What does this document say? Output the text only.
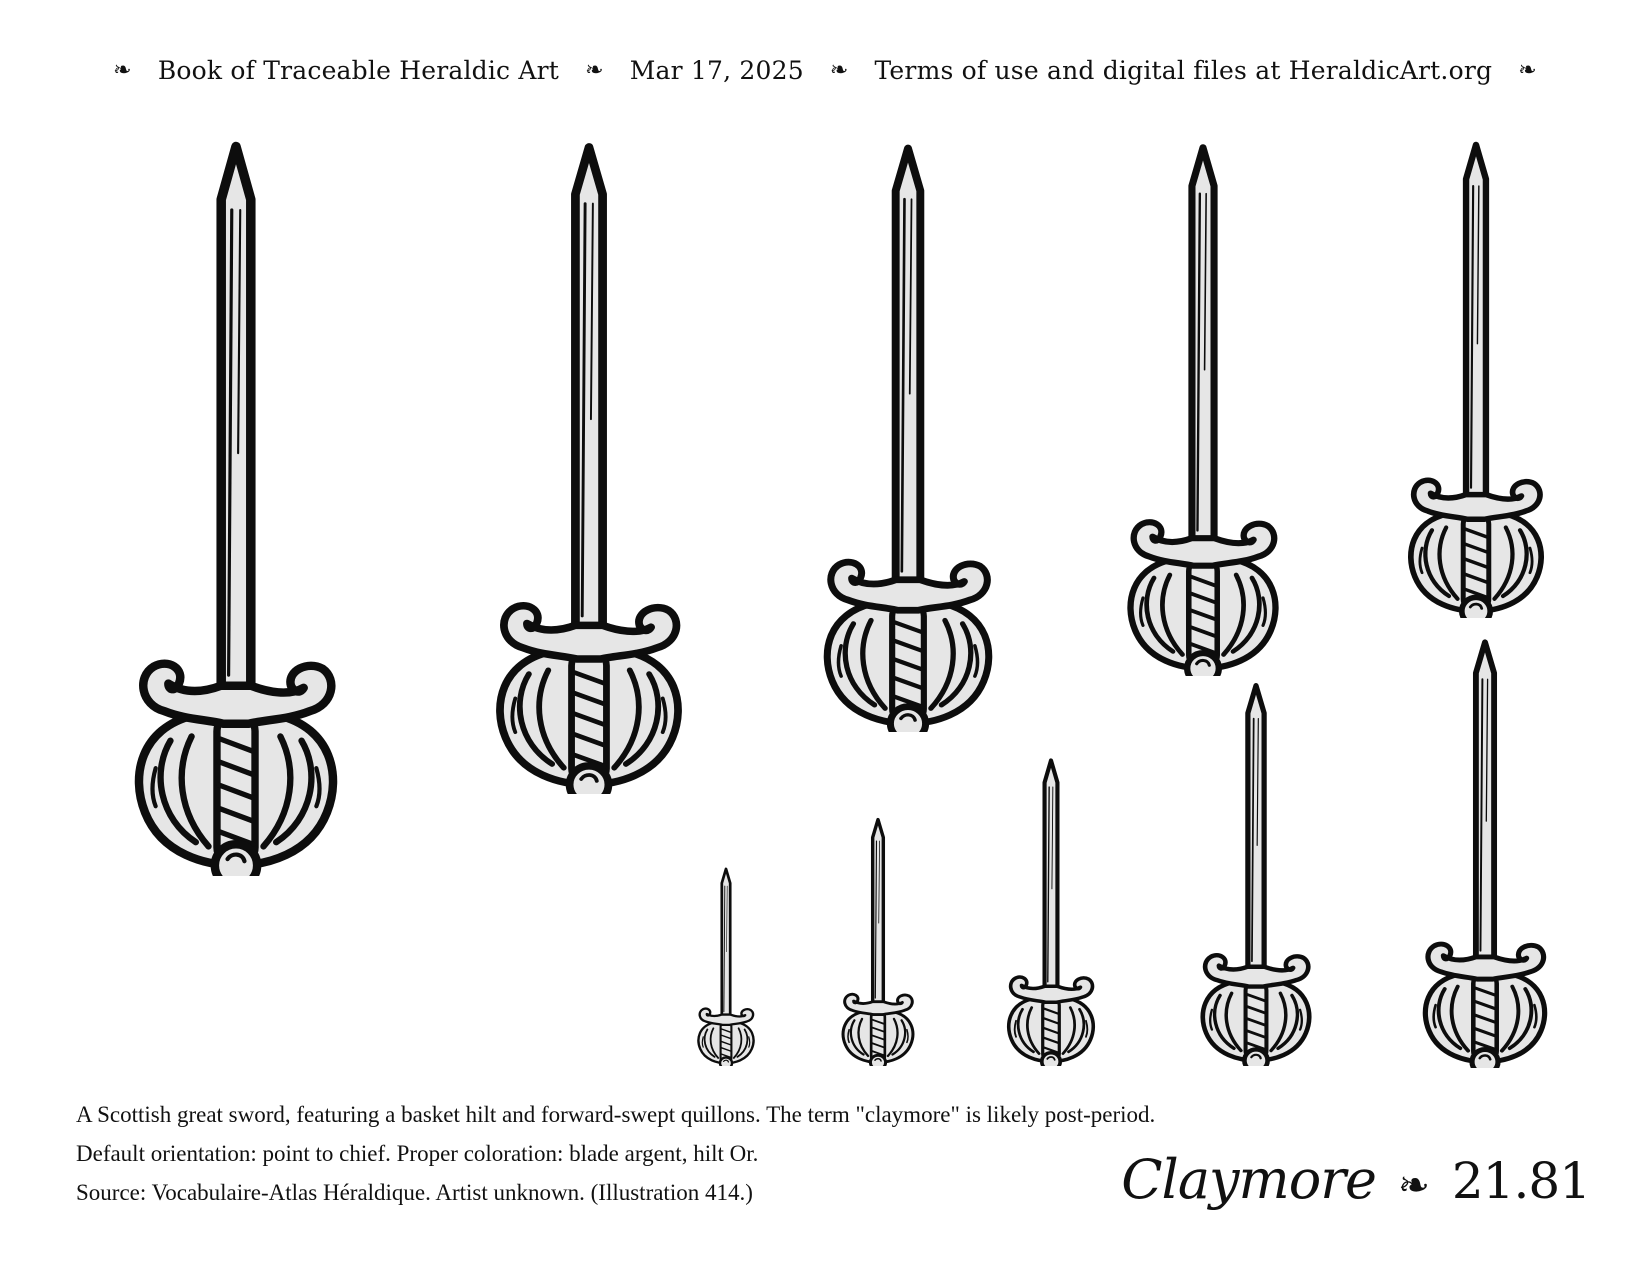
❧ Book of Traceable Heraldic Art ❧ Mar 17, 2025 ❧ Terms of use and digital files at HeraldicArt.org ❧
A Scottish great sword, featuring a basket hilt and forward-swept quillons. The term "claymore" is likely post-period.
Default orientation: point to chief. Proper coloration: blade argent, hilt Or.
Source: Vocabulaire-Atlas Héraldique. Artist unknown. (Illustration 414.)	Claymore ❧ 21.81
